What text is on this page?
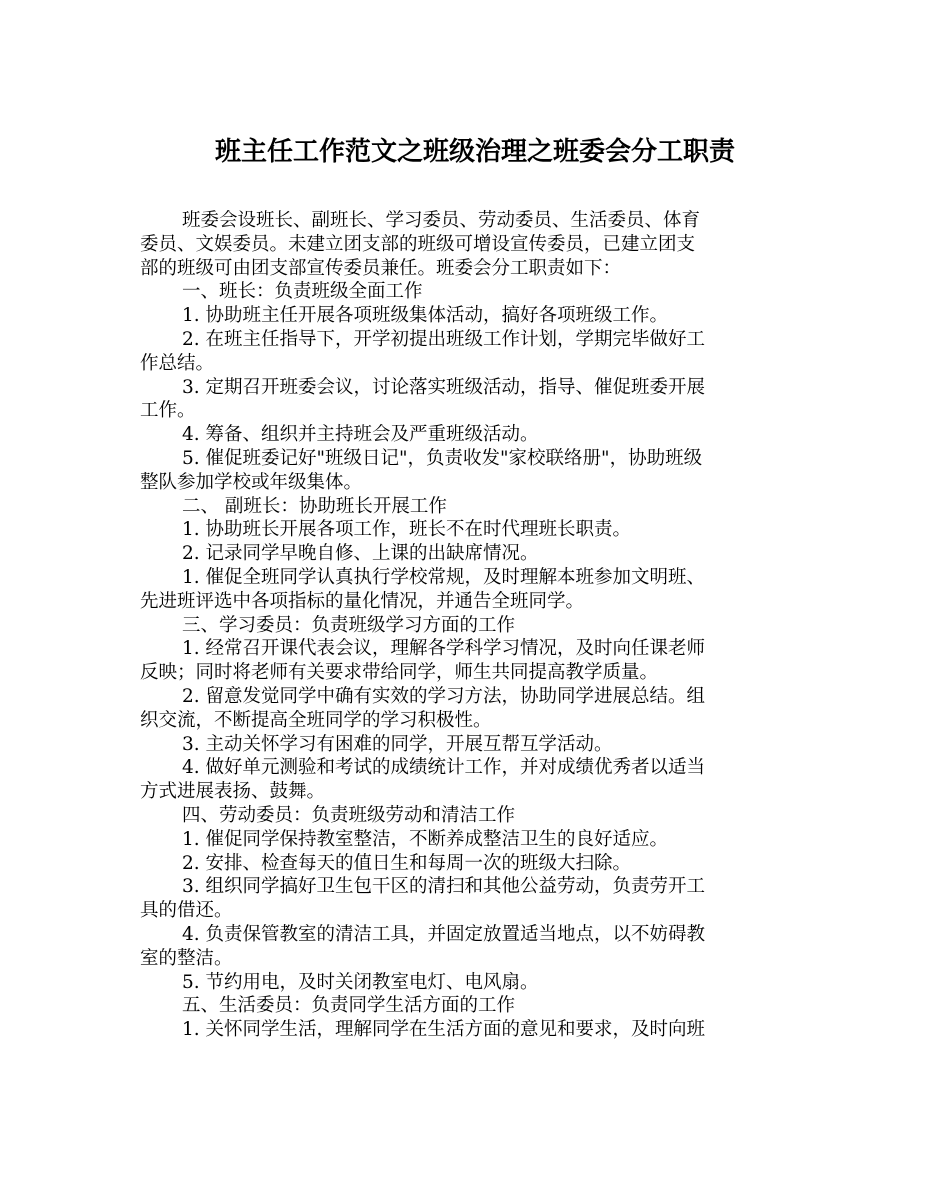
班主任工作范文之班级治理之班委会分工职责
班委会设班长、副班长、学习委员、劳动委员、生活委员、体育
委员、文娱委员。未建立团支部的班级可增设宣传委员，已建立团支
部的班级可由团支部宣传委员兼任。班委会分工职责如下：
一、班长：负责班级全面工作
1. 协助班主任开展各项班级集体活动，搞好各项班级工作。
2. 在班主任指导下，开学初提出班级工作计划，学期完毕做好工
作总结。
3. 定期召开班委会议，讨论落实班级活动，指导、催促班委开展
工作。
4. 筹备、组织并主持班会及严重班级活动。
5. 催促班委记好"班级日记"，负责收发"家校联络册"，协助班级
整队参加学校或年级集体。
二、 副班长：协助班长开展工作
1. 协助班长开展各项工作，班长不在时代理班长职责。
2. 记录同学早晚自修、上课的出缺席情况。
1. 催促全班同学认真执行学校常规，及时理解本班参加文明班、
先进班评选中各项指标的量化情况，并通告全班同学。
三、学习委员：负责班级学习方面的工作
1. 经常召开课代表会议，理解各学科学习情况，及时向任课老师
反映；同时将老师有关要求带给同学，师生共同提高教学质量。
2. 留意发觉同学中确有实效的学习方法，协助同学进展总结。组
织交流，不断提高全班同学的学习积极性。
3. 主动关怀学习有困难的同学，开展互帮互学活动。
4. 做好单元测验和考试的成绩统计工作，并对成绩优秀者以适当
方式进展表扬、鼓舞。
四、劳动委员：负责班级劳动和清洁工作
1. 催促同学保持教室整洁，不断养成整洁卫生的良好适应。
2. 安排、检查每天的值日生和每周一次的班级大扫除。
3. 组织同学搞好卫生包干区的清扫和其他公益劳动，负责劳开工
具的借还。
4. 负责保管教室的清洁工具，并固定放置适当地点，以不妨碍教
室的整洁。
5. 节约用电，及时关闭教室电灯、电风扇。
五、生活委员：负责同学生活方面的工作
1. 关怀同学生活，理解同学在生活方面的意见和要求，及时向班
